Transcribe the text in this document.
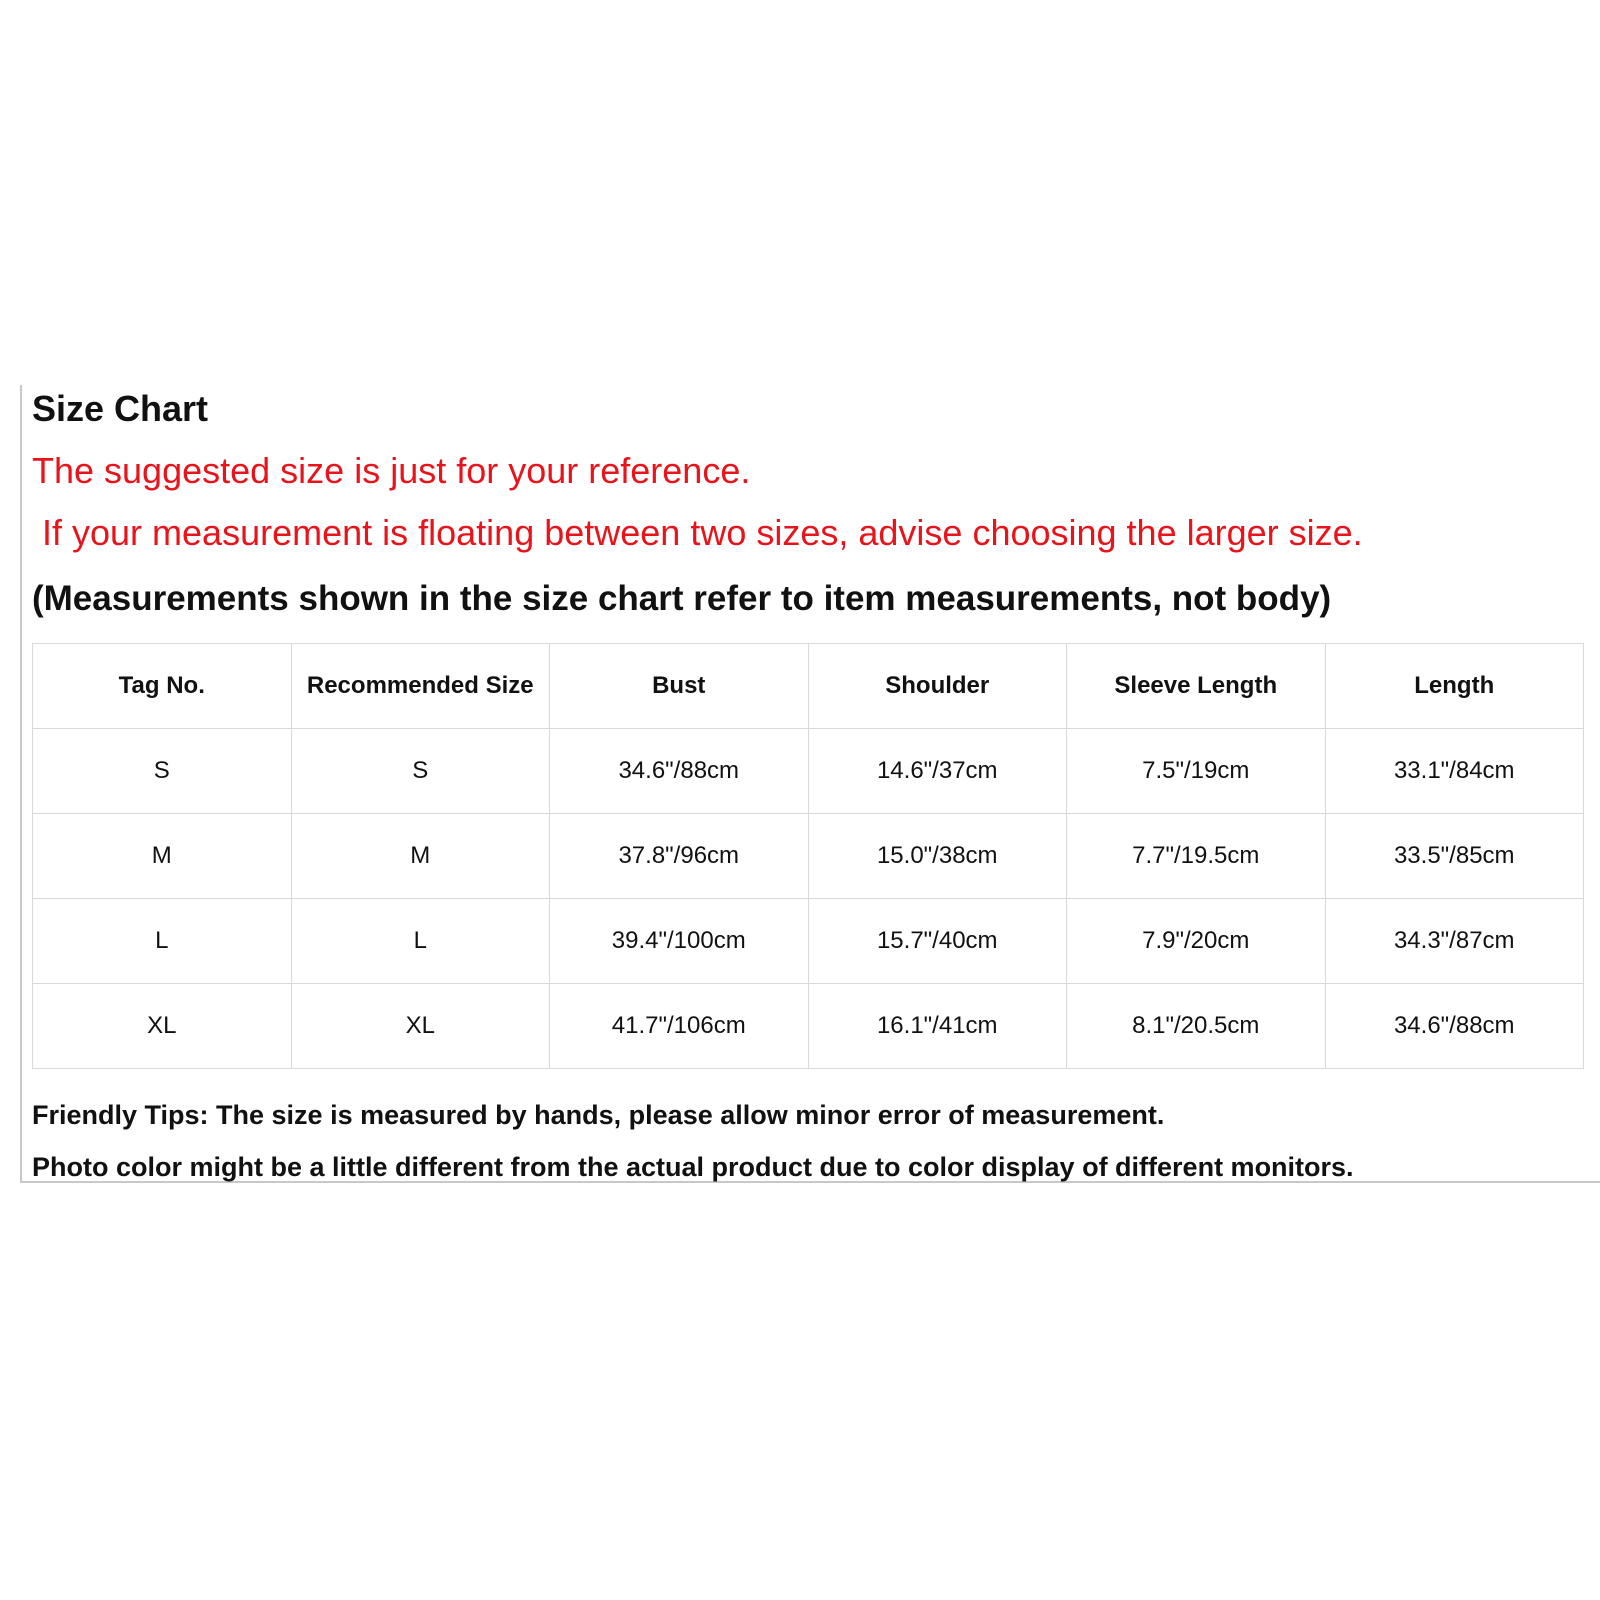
Size Chart

The suggested size is just for your reference.

If your measurement is floating between two sizes, advise choosing the larger size.

(Measurements shown in the size chart refer to item measurements, not body)

Tag No.	Recommended Size	Bust	Shoulder	Sleeve Length	Length
S	S	34.6"/88cm	14.6"/37cm	7.5"/19cm	33.1"/84cm
M	M	37.8"/96cm	15.0"/38cm	7.7"/19.5cm	33.5"/85cm
L	L	39.4"/100cm	15.7"/40cm	7.9"/20cm	34.3"/87cm
XL	XL	41.7"/106cm	16.1"/41cm	8.1"/20.5cm	34.6"/88cm

Friendly Tips: The size is measured by hands, please allow minor error of measurement.

Photo color might be a little different from the actual product due to color display of different monitors.
